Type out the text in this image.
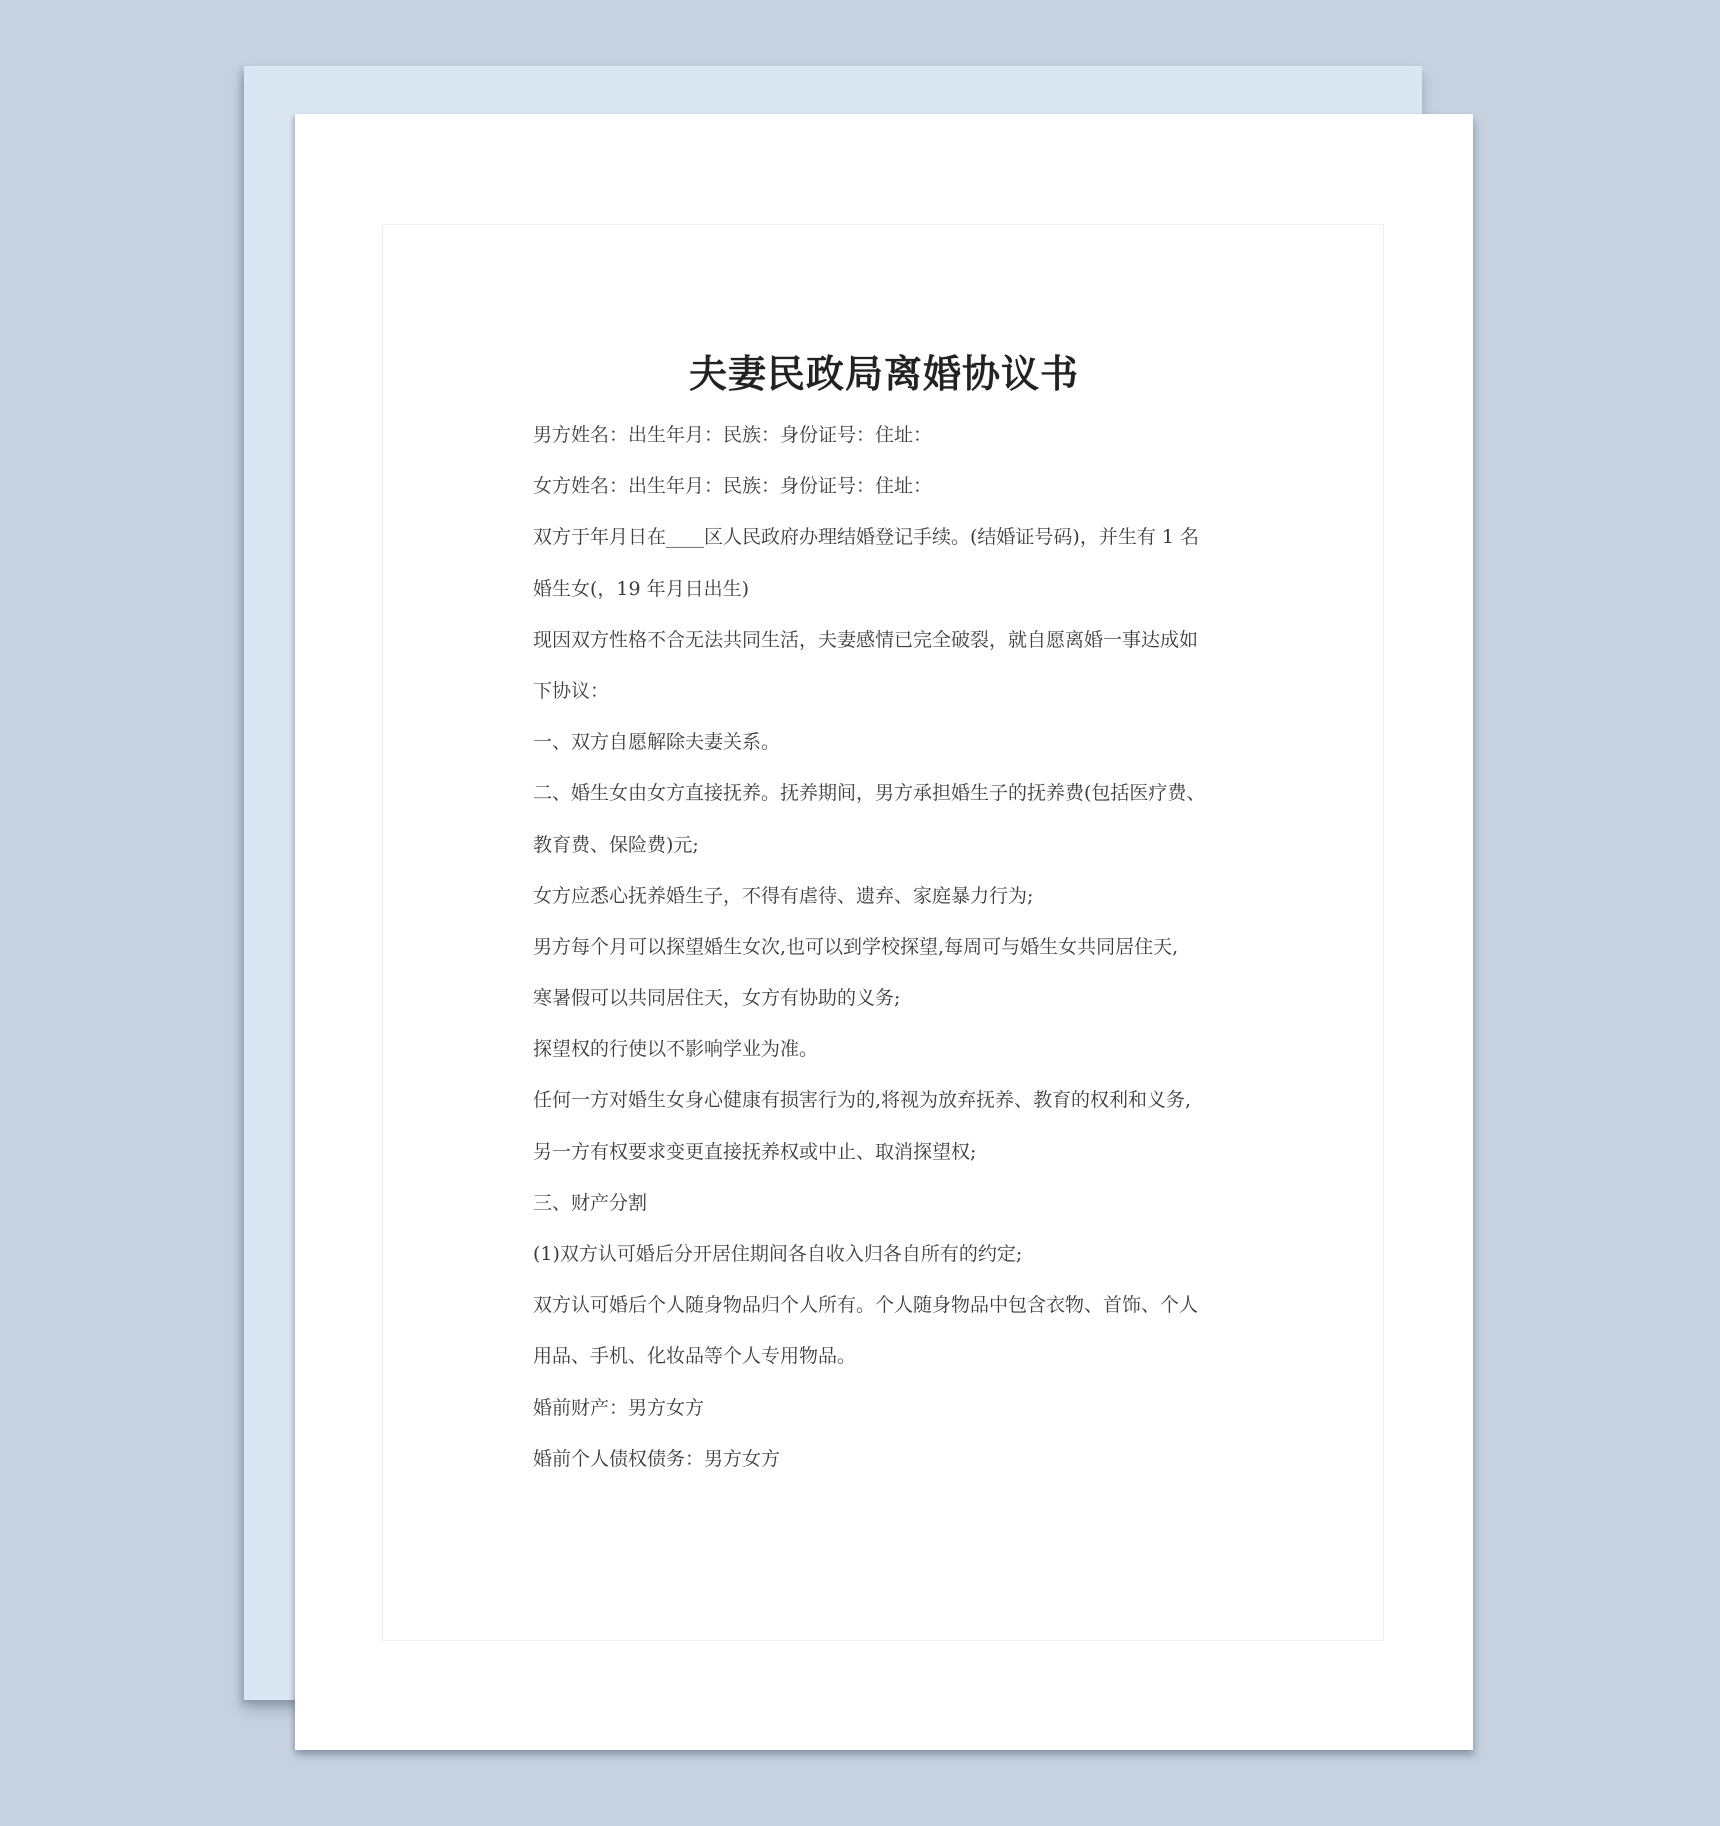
夫妻民政局离婚协议书
男方姓名：出生年月：民族：身份证号：住址：
女方姓名：出生年月：民族：身份证号：住址：
双方于年月日在____区人民政府办理结婚登记手续。(结婚证号码)，并生有 1 名
婚生女(，19 年月日出生)
现因双方性格不合无法共同生活，夫妻感情已完全破裂，就自愿离婚一事达成如
下协议：
一、双方自愿解除夫妻关系。
二、婚生女由女方直接抚养。抚养期间，男方承担婚生子的抚养费(包括医疗费、
教育费、保险费)元;
女方应悉心抚养婚生子，不得有虐待、遗弃、家庭暴力行为;
男方每个月可以探望婚生女次,也可以到学校探望,每周可与婚生女共同居住天,
寒暑假可以共同居住天，女方有协助的义务;
探望权的行使以不影响学业为准。
任何一方对婚生女身心健康有损害行为的,将视为放弃抚养、教育的权利和义务,
另一方有权要求变更直接抚养权或中止、取消探望权;
三、财产分割
(1)双方认可婚后分开居住期间各自收入归各自所有的约定;
双方认可婚后个人随身物品归个人所有。个人随身物品中包含衣物、首饰、个人
用品、手机、化妆品等个人专用物品。
婚前财产：男方女方
婚前个人债权债务：男方女方
